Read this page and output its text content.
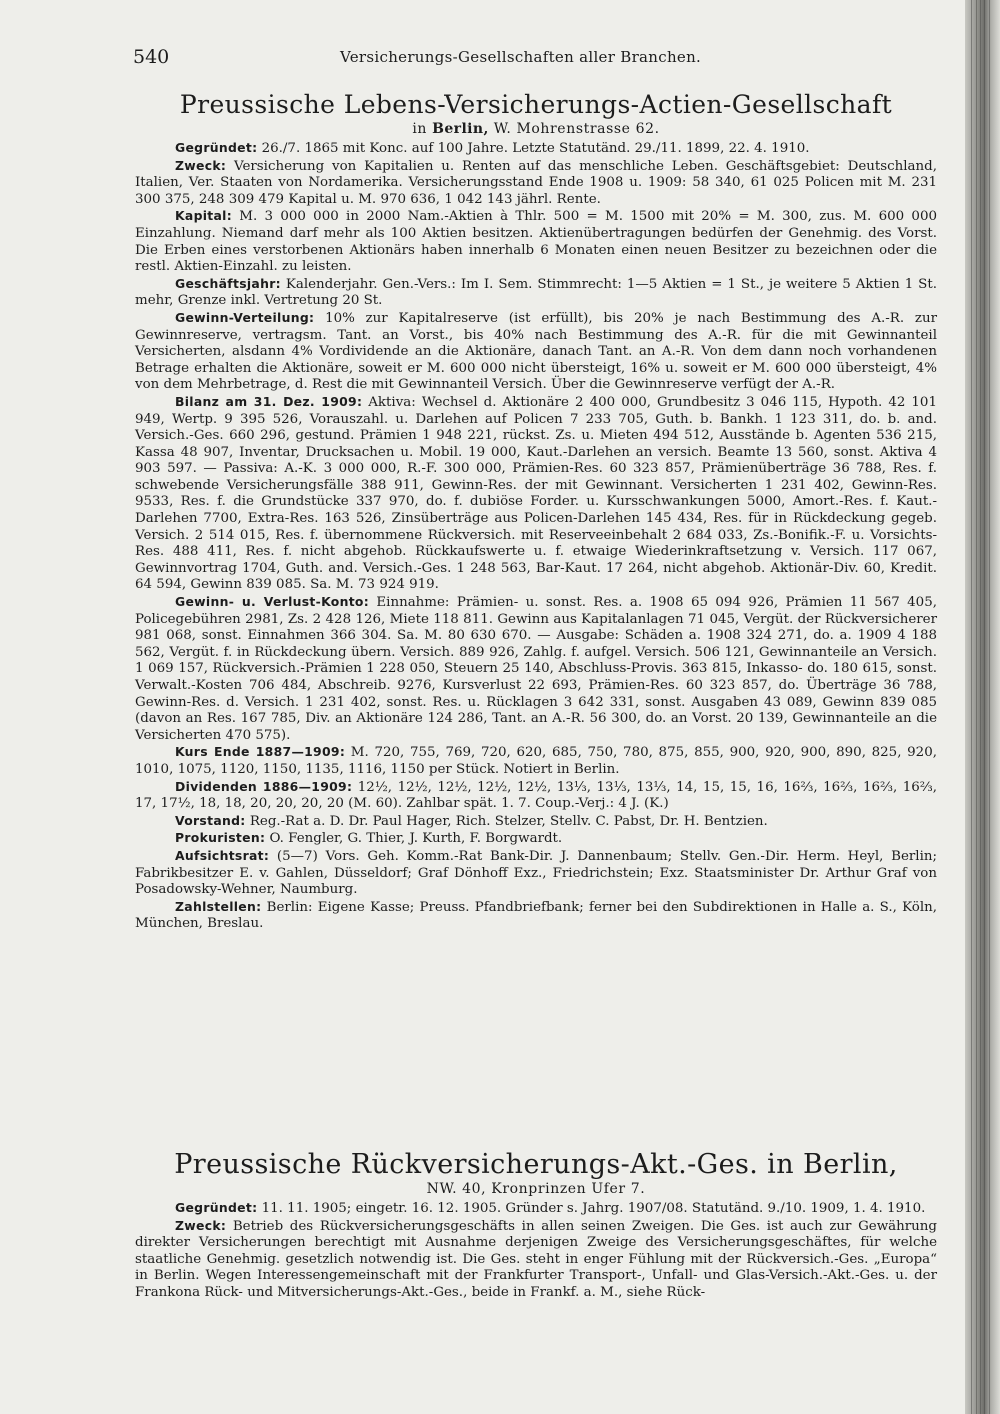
540	Versicherungs-Gesellschaften aller Branchen.
Preussische Lebens-Versicherungs-Actien-Gesellschaft
in Berlin, W. Mohrenstrasse 62.

Gegründet: 26./7. 1865 mit Konc. auf 100 Jahre. Letzte Statutänd. 29./11. 1899, 22. 4. 1910.

Zweck: Versicherung von Kapitalien u. Renten auf das menschliche Leben. Geschäftsgebiet: Deutschland, Italien, Ver. Staaten von Nordamerika. Versicherungsstand Ende 1908 u. 1909: 58 340, 61 025 Policen mit M. 231 300 375, 248 309 479 Kapital u. M. 970 636, 1 042 143 jährl. Rente.

Kapital: M. 3 000 000 in 2000 Nam.-Aktien à Thlr. 500 = M. 1500 mit 20% = M. 300, zus. M. 600 000 Einzahlung. Niemand darf mehr als 100 Aktien besitzen. Aktienübertragungen bedürfen der Genehmig. des Vorst. Die Erben eines verstorbenen Aktionärs haben innerhalb 6 Monaten einen neuen Besitzer zu bezeichnen oder die restl. Aktien-Einzahl. zu leisten.

Geschäftsjahr: Kalenderjahr. Gen.-Vers.: Im I. Sem. Stimmrecht: 1—5 Aktien = 1 St., je weitere 5 Aktien 1 St. mehr, Grenze inkl. Vertretung 20 St.

Gewinn-Verteilung: 10% zur Kapitalreserve (ist erfüllt), bis 20% je nach Bestimmung des A.-R. zur Gewinnreserve, vertragsm. Tant. an Vorst., bis 40% nach Bestimmung des A.-R. für die mit Gewinnanteil Versicherten, alsdann 4% Vordividende an die Aktionäre, danach Tant. an A.-R. Von dem dann noch vorhandenen Betrage erhalten die Aktionäre, soweit er M. 600 000 nicht übersteigt, 16% u. soweit er M. 600 000 übersteigt, 4% von dem Mehrbetrage, d. Rest die mit Gewinnanteil Versich. Über die Gewinnreserve verfügt der A.-R.

Bilanz am 31. Dez. 1909: Aktiva: Wechsel d. Aktionäre 2 400 000, Grundbesitz 3 046 115, Hypoth. 42 101 949, Wertp. 9 395 526, Vorauszahl. u. Darlehen auf Policen 7 233 705, Guth. b. Bankh. 1 123 311, do. b. and. Versich.-Ges. 660 296, gestund. Prämien 1 948 221, rückst. Zs. u. Mieten 494 512, Ausstände b. Agenten 536 215, Kassa 48 907, Inventar, Drucksachen u. Mobil. 19 000, Kaut.-Darlehen an versich. Beamte 13 560, sonst. Aktiva 4 903 597. — Passiva: A.-K. 3 000 000, R.-F. 300 000, Prämien-Res. 60 323 857, Prämienüberträge 36 788, Res. f. schwebende Versicherungsfälle 388 911, Gewinn-Res. der mit Gewinnant. Versicherten 1 231 402, Gewinn-Res. 9533, Res. f. die Grundstücke 337 970, do. f. dubiöse Forder. u. Kursschwankungen 5000, Amort.-Res. f. Kaut.-Darlehen 7700, Extra-Res. 163 526, Zinsüberträge aus Policen-Darlehen 145 434, Res. für in Rückdeckung gegeb. Versich. 2 514 015, Res. f. übernommene Rückversich. mit Reserveeinbehalt 2 684 033, Zs.-Bonifik.-F. u. Vorsichts-Res. 488 411, Res. f. nicht abgehob. Rückkaufswerte u. f. etwaige Wiederinkraftsetzung v. Versich. 117 067, Gewinnvortrag 1704, Guth. and. Versich.-Ges. 1 248 563, Bar-Kaut. 17 264, nicht abgehob. Aktionär-Div. 60, Kredit. 64 594, Gewinn 839 085. Sa. M. 73 924 919.

Gewinn- u. Verlust-Konto: Einnahme: Prämien- u. sonst. Res. a. 1908 65 094 926, Prämien 11 567 405, Policegebühren 2981, Zs. 2 428 126, Miete 118 811. Gewinn aus Kapitalanlagen 71 045, Vergüt. der Rückversicherer 981 068, sonst. Einnahmen 366 304. Sa. M. 80 630 670. — Ausgabe: Schäden a. 1908 324 271, do. a. 1909 4 188 562, Vergüt. f. in Rückdeckung übern. Versich. 889 926, Zahlg. f. aufgel. Versich. 506 121, Gewinnanteile an Versich. 1 069 157, Rückversich.-Prämien 1 228 050, Steuern 25 140, Abschluss-Provis. 363 815, Inkasso- do. 180 615, sonst. Verwalt.-Kosten 706 484, Abschreib. 9276, Kursverlust 22 693, Prämien-Res. 60 323 857, do. Überträge 36 788, Gewinn-Res. d. Versich. 1 231 402, sonst. Res. u. Rücklagen 3 642 331, sonst. Ausgaben 43 089, Gewinn 839 085 (davon an Res. 167 785, Div. an Aktionäre 124 286, Tant. an A.-R. 56 300, do. an Vorst. 20 139, Gewinnanteile an die Versicherten 470 575).

Kurs Ende 1887—1909: M. 720, 755, 769, 720, 620, 685, 750, 780, 875, 855, 900, 920, 900, 890, 825, 920, 1010, 1075, 1120, 1150, 1135, 1116, 1150 per Stück. Notiert in Berlin.

Dividenden 1886—1909: 12½, 12½, 12½, 12½, 12½, 13⅓, 13⅓, 13⅓, 14, 15, 15, 16, 16⅔, 16⅔, 16⅔, 16⅔, 17, 17½, 18, 18, 20, 20, 20, 20 (M. 60). Zahlbar spät. 1. 7. Coup.-Verj.: 4 J. (K.)

Vorstand: Reg.-Rat a. D. Dr. Paul Hager, Rich. Stelzer, Stellv. C. Pabst, Dr. H. Bentzien.

Prokuristen: O. Fengler, G. Thier, J. Kurth, F. Borgwardt.

Aufsichtsrat: (5—7) Vors. Geh. Komm.-Rat Bank-Dir. J. Dannenbaum; Stellv. Gen.-Dir. Herm. Heyl, Berlin; Fabrikbesitzer E. v. Gahlen, Düsseldorf; Graf Dönhoff Exz., Friedrichstein; Exz. Staatsminister Dr. Arthur Graf von Posadowsky-Wehner, Naumburg.

Zahlstellen: Berlin: Eigene Kasse; Preuss. Pfandbriefbank; ferner bei den Subdirektionen in Halle a. S., Köln, München, Breslau.

Preussische Rückversicherungs-Akt.-Ges. in Berlin,
NW. 40, Kronprinzen Ufer 7.

Gegründet: 11. 11. 1905; eingetr. 16. 12. 1905. Gründer s. Jahrg. 1907/08. Statutänd. 9./10. 1909, 1. 4. 1910.

Zweck: Betrieb des Rückversicherungsgeschäfts in allen seinen Zweigen. Die Ges. ist auch zur Gewährung direkter Versicherungen berechtigt mit Ausnahme derjenigen Zweige des Versicherungsgeschäftes, für welche staatliche Genehmig. gesetzlich notwendig ist. Die Ges. steht in enger Fühlung mit der Rückversich.-Ges. „Europa“ in Berlin. Wegen Interessengemeinschaft mit der Frankfurter Transport-, Unfall- und Glas-Versich.-Akt.-Ges. u. der Frankona Rück- und Mitversicherungs-Akt.-Ges., beide in Frankf. a. M., siehe Rück-
